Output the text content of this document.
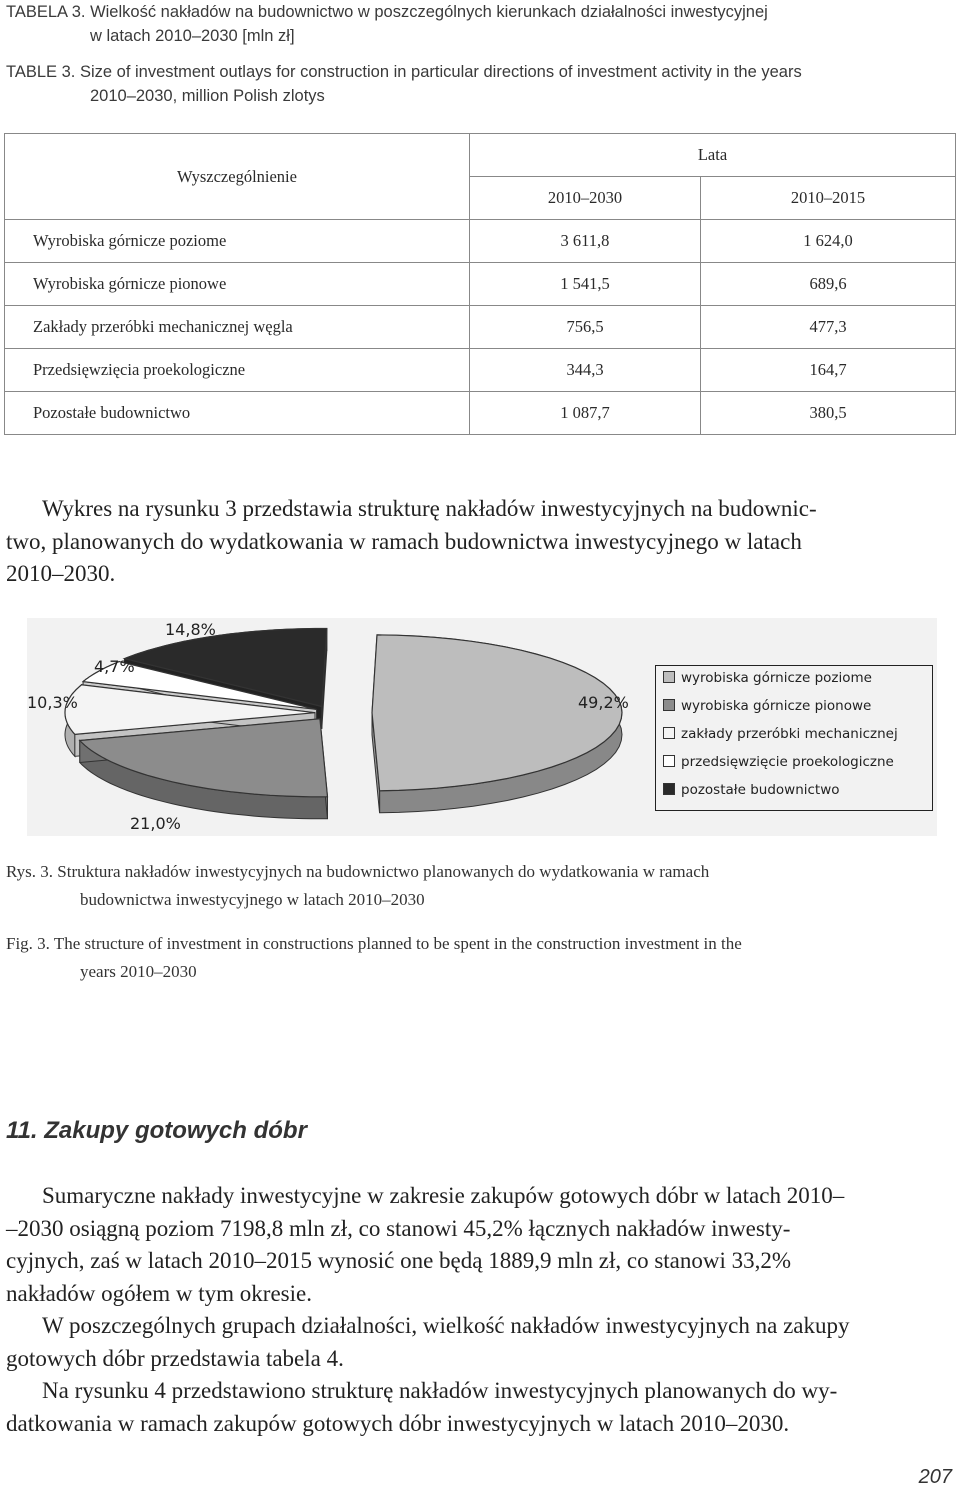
TABELA 3. Wielkość nakładów na budownictwo w poszczególnych kierunkach działalności inwestycyjnej
w latach 2010–2030 [mln zł]
TABLE 3. Size of investment outlays for construction in particular directions of investment activity in the years
2010–2030, million Polish zlotys
Wyszczególnienie	Lata	
	2010–2030	2010–2015
Wyrobiska górnicze poziome	3 611,8	1 624,0
Wyrobiska górnicze pionowe	1 541,5	689,6
Zakłady przeróbki mechanicznej węgla	756,5	477,3
Przedsięwzięcia proekologiczne	344,3	164,7
Pozostałe budownictwo	1 087,7	380,5
Wykres na rysunku 3 przedstawia strukturę nakładów inwestycyjnych na budownic-
two, planowanych do wydatkowania w ramach budownictwa inwestycyjnego w latach
2010–2030.
14,8%
4,7%
10,3%	49,2%
21,0%
wyrobiska górnicze poziome
wyrobiska górnicze pionowe
zakłady przeróbki mechanicznej
przedsięwzięcie proekologiczne
pozostałe budownictwo
Rys. 3. Struktura nakładów inwestycyjnych na budownictwo planowanych do wydatkowania w ramach
budownictwa inwestycyjnego w latach 2010–2030
Fig. 3. The structure of investment in constructions planned to be spent in the construction investment in the
years 2010–2030
11. Zakupy gotowych dóbr
Sumaryczne nakłady inwestycyjne w zakresie zakupów gotowych dóbr w latach 2010–
–2030 osiągną poziom 7198,8 mln zł, co stanowi 45,2% łącznych nakładów inwesty-
cyjnych, zaś w latach 2010–2015 wynosić one będą 1889,9 mln zł, co stanowi 33,2%
nakładów ogółem w tym okresie.
W poszczególnych grupach działalności, wielkość nakładów inwestycyjnych na zakupy
gotowych dóbr przedstawia tabela 4.
Na rysunku 4 przedstawiono strukturę nakładów inwestycyjnych planowanych do wy-
datkowania w ramach zakupów gotowych dóbr inwestycyjnych w latach 2010–2030.
207
